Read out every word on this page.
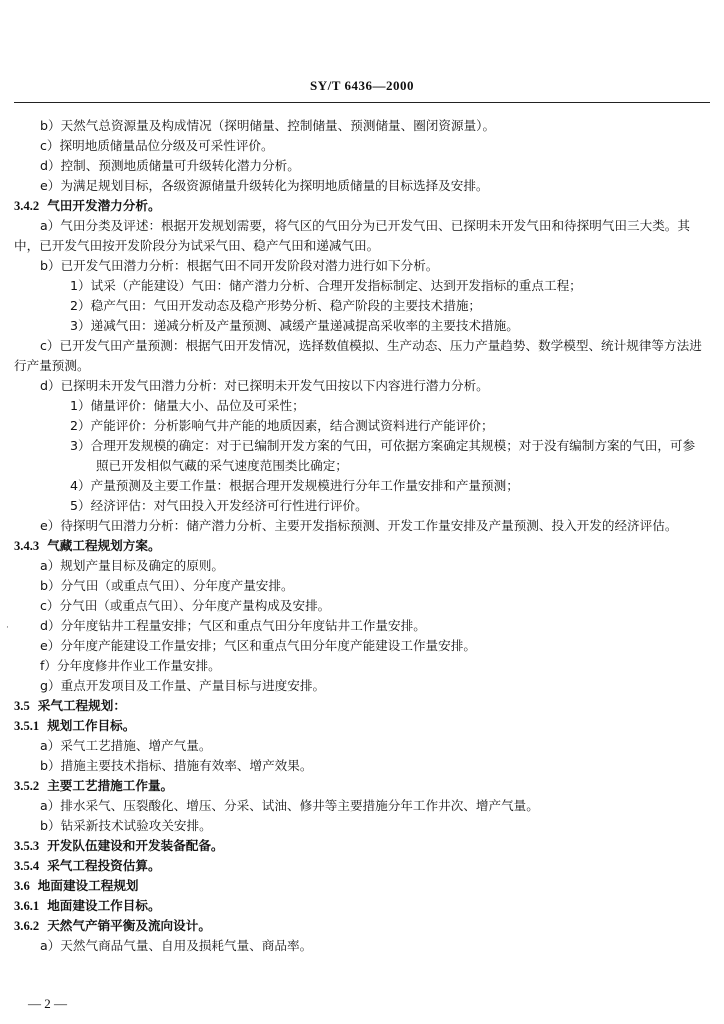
SY/T 6436—2000
b）天然气总资源量及构成情况（探明储量、控制储量、预测储量、圈闭资源量）。
c）探明地质储量品位分级及可采性评价。
d）控制、预测地质储量可升级转化潜力分析。
e）为满足规划目标，各级资源储量升级转化为探明地质储量的目标选择及安排。
3.4.2 气田开发潜力分析。
a）气田分类及评述：根据开发规划需要，将气区的气田分为已开发气田、已探明未开发气田和待探明气田三大类。其中，已开发气田按开发阶段分为试采气田、稳产气田和递减气田。
b）已开发气田潜力分析：根据气田不同开发阶段对潜力进行如下分析。
1）试采（产能建设）气田：储产潜力分析、合理开发指标制定、达到开发指标的重点工程；
2）稳产气田：气田开发动态及稳产形势分析、稳产阶段的主要技术措施；
3）递减气田：递减分析及产量预测、减缓产量递减提高采收率的主要技术措施。
c）已开发气田产量预测：根据气田开发情况，选择数值模拟、生产动态、压力产量趋势、数学模型、统计规律等方法进行产量预测。
d）已探明未开发气田潜力分析：对已探明未开发气田按以下内容进行潜力分析。
1）储量评价：储量大小、品位及可采性；
2）产能评价：分析影响气井产能的地质因素，结合测试资料进行产能评价；
3）合理开发规模的确定：对于已编制开发方案的气田，可依据方案确定其规模；对于没有编制方案的气田，可参照已开发相似气藏的采气速度范围类比确定；
4）产量预测及主要工作量：根据合理开发规模进行分年工作量安排和产量预测；
5）经济评估：对气田投入开发经济可行性进行评价。
e）待探明气田潜力分析：储产潜力分析、主要开发指标预测、开发工作量安排及产量预测、投入开发的经济评估。
3.4.3 气藏工程规划方案。
a）规划产量目标及确定的原则。
b）分气田（或重点气田）、分年度产量安排。
c）分气田（或重点气田）、分年度产量构成及安排。
d）分年度钻井工程量安排；气区和重点气田分年度钻井工作量安排。
e）分年度产能建设工作量安排；气区和重点气田分年度产能建设工作量安排。
f）分年度修井作业工作量安排。
g）重点开发项目及工作量、产量目标与进度安排。
3.5 采气工程规划：
3.5.1 规划工作目标。
a）采气工艺措施、增产气量。
b）措施主要技术指标、措施有效率、增产效果。
3.5.2 主要工艺措施工作量。
a）排水采气、压裂酸化、增压、分采、试油、修井等主要措施分年工作井次、增产气量。
b）钻采新技术试验攻关安排。
3.5.3 开发队伍建设和开发装备配备。
3.5.4 采气工程投资估算。
3.6 地面建设工程规划
3.6.1 地面建设工作目标。
3.6.2 天然气产销平衡及流向设计。
a）天然气商品气量、自用及损耗气量、商品率。
·
— 2 —
